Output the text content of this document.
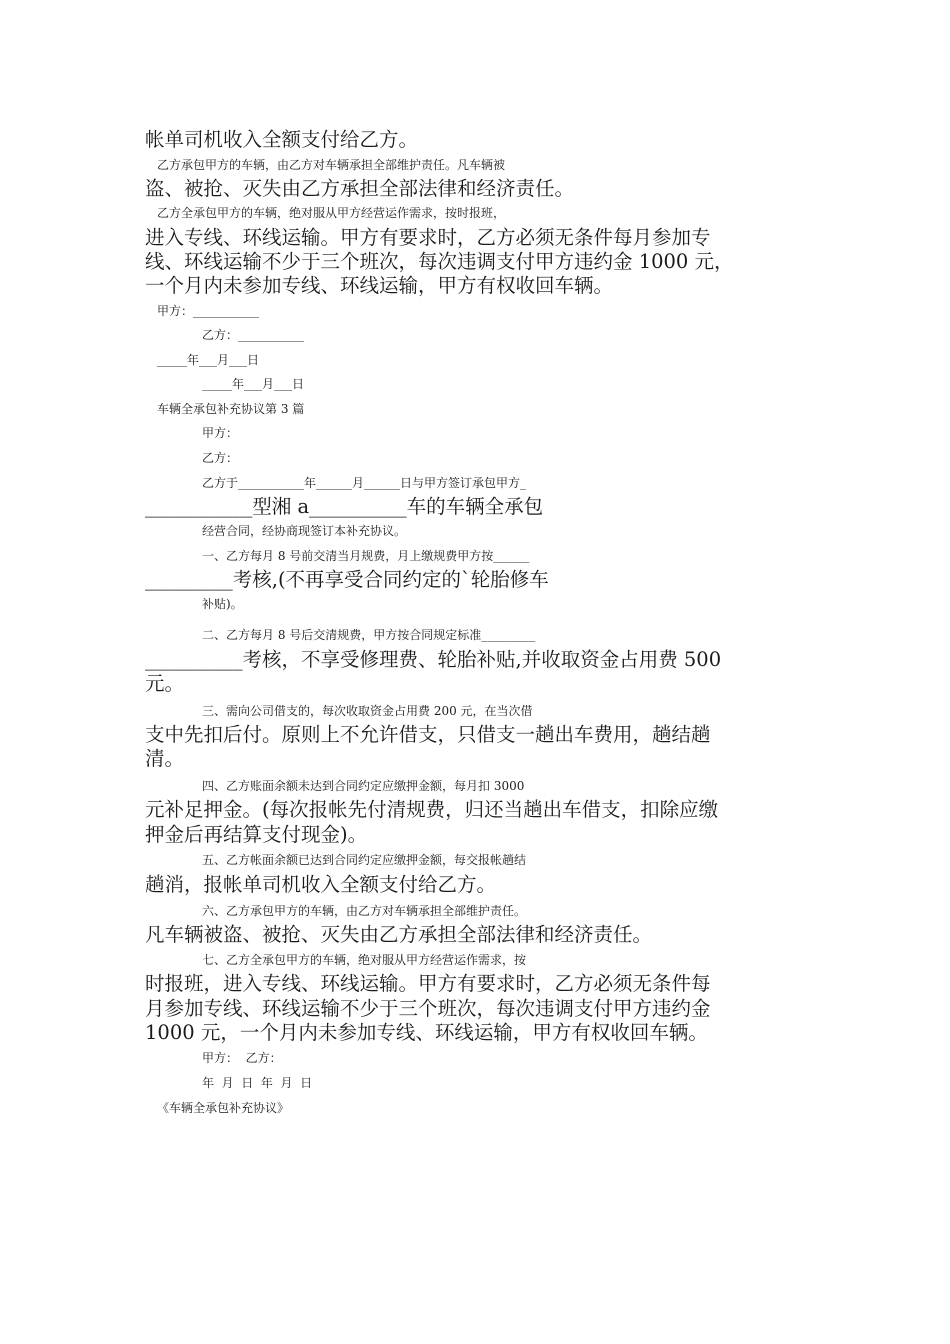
帐单司机收入全额支付给乙方。
乙方承包甲方的车辆，由乙方对车辆承担全部维护责任。凡车辆被
盗、被抢、灭失由乙方承担全部法律和经济责任。
乙方全承包甲方的车辆，绝对服从甲方经营运作需求，按时报班，
进入专线、环线运输。甲方有要求时，乙方必须无条件每月参加专
线、环线运输不少于三个班次，每次违调支付甲方违约金 1000 元，
一个月内未参加专线、环线运输，甲方有权收回车辆。
甲方：___________
乙方：___________
_____年___月___日
_____年___月___日
车辆全承包补充协议第 3 篇
甲方：
乙方：
乙方于___________年______月______日与甲方签订承包甲方_
___________型湘 a__________车的车辆全承包
经营合同，经协商现签订本补充协议。
一、乙方每月 8 号前交清当月规费，月上缴规费甲方按______
_________考核,(不再享受合同约定的`轮胎修车
补贴)。
二、乙方每月 8 号后交清规费，甲方按合同规定标准_________
__________考核，不享受修理费、轮胎补贴,并收取资金占用费 500
元。
三、需向公司借支的，每次收取资金占用费 200 元，在当次借
支中先扣后付。原则上不允许借支，只借支一趟出车费用，趟结趟
清。
四、乙方账面余额未达到合同约定应缴押金额，每月扣 3000
元补足押金。(每次报帐先付清规费，归还当趟出车借支，扣除应缴
押金后再结算支付现金)。
五、乙方帐面余额已达到合同约定应缴押金额，每交报帐趟结
趟消，报帐单司机收入全额支付给乙方。
六、乙方承包甲方的车辆，由乙方对车辆承担全部维护责任。
凡车辆被盗、被抢、灭失由乙方承担全部法律和经济责任。
七、乙方全承包甲方的车辆，绝对服从甲方经营运作需求，按
时报班，进入专线、环线运输。甲方有要求时，乙方必须无条件每
月参加专线、环线运输不少于三个班次，每次违调支付甲方违约金
1000 元，一个月内未参加专线、环线运输，甲方有权收回车辆。
甲方：  乙方：
年  月  日  年  月  日
《车辆全承包补充协议》
